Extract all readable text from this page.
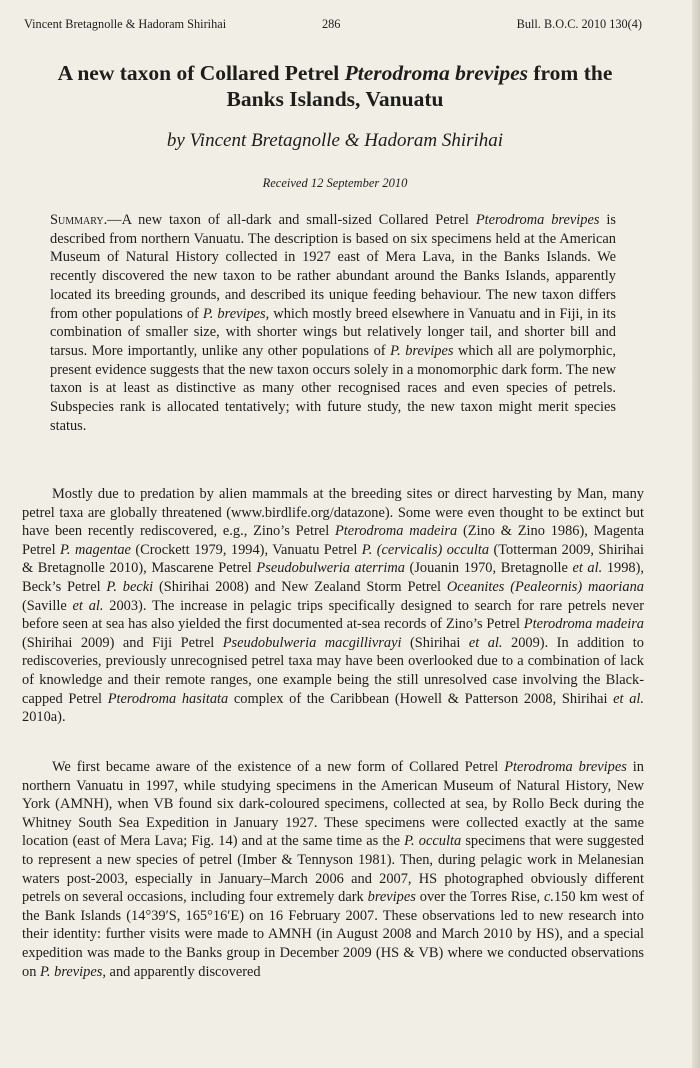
Vincent Bretagnolle & Hadoram Shirihai	286	Bull. B.O.C. 2010 130(4)
A new taxon of Collared Petrel Pterodroma brevipes from the Banks Islands, Vanuatu
by Vincent Bretagnolle & Hadoram Shirihai
Received 12 September 2010
Summary.—A new taxon of all-dark and small-sized Collared Petrel Pterodroma brevipes is described from northern Vanuatu. The description is based on six specimens held at the American Museum of Natural History collected in 1927 east of Mera Lava, in the Banks Islands. We recently discovered the new taxon to be rather abundant around the Banks Islands, apparently located its breeding grounds, and described its unique feeding behaviour. The new taxon differs from other populations of P. brevipes, which mostly breed elsewhere in Vanuatu and in Fiji, in its combination of smaller size, with shorter wings but relatively longer tail, and shorter bill and tarsus. More importantly, unlike any other populations of P. brevipes which all are polymorphic, present evidence suggests that the new taxon occurs solely in a monomorphic dark form. The new taxon is at least as distinctive as many other recognised races and even species of petrels. Subspecies rank is allocated tentatively; with future study, the new taxon might merit species status.

Mostly due to predation by alien mammals at the breeding sites or direct harvesting by Man, many petrel taxa are globally threatened (www.birdlife.org/datazone). Some were even thought to be extinct but have been recently rediscovered, e.g., Zino’s Petrel Pterodroma madeira (Zino & Zino 1986), Magenta Petrel P. magentae (Crockett 1979, 1994), Vanuatu Petrel P. (cervicalis) occulta (Totterman 2009, Shirihai & Bretagnolle 2010), Mascarene Petrel Pseudobulweria aterrima (Jouanin 1970, Bretagnolle et al. 1998), Beck’s Petrel P. becki (Shirihai 2008) and New Zealand Storm Petrel Oceanites (Pealeornis) maoriana (Saville et al. 2003). The increase in pelagic trips specifically designed to search for rare petrels never before seen at sea has also yielded the first documented at-sea records of Zino’s Petrel Pterodroma madeira (Shirihai 2009) and Fiji Petrel Pseudobulweria macgillivrayi (Shirihai et al. 2009). In addition to rediscoveries, previously unrecognised petrel taxa may have been overlooked due to a combination of lack of knowledge and their remote ranges, one example being the still unresolved case involving the Black-capped Petrel Pterodroma hasitata complex of the Caribbean (Howell & Patterson 2008, Shirihai et al. 2010a).

We first became aware of the existence of a new form of Collared Petrel Pterodroma brevipes in northern Vanuatu in 1997, while studying specimens in the American Museum of Natural History, New York (AMNH), when VB found six dark-coloured specimens, collected at sea, by Rollo Beck during the Whitney South Sea Expedition in January 1927. These specimens were collected exactly at the same location (east of Mera Lava; Fig. 14) and at the same time as the P. occulta specimens that were suggested to represent a new species of petrel (Imber & Tennyson 1981). Then, during pelagic work in Melanesian waters post-2003, especially in January–March 2006 and 2007, HS photographed obviously different petrels on several occasions, including four extremely dark brevipes over the Torres Rise, c.150 km west of the Bank Islands (14°39′S, 165°16′E) on 16 February 2007. These observations led to new research into their identity: further visits were made to AMNH (in August 2008 and March 2010 by HS), and a special expedition was made to the Banks group in December 2009 (HS & VB) where we conducted observations on P. brevipes, and apparently discovered
